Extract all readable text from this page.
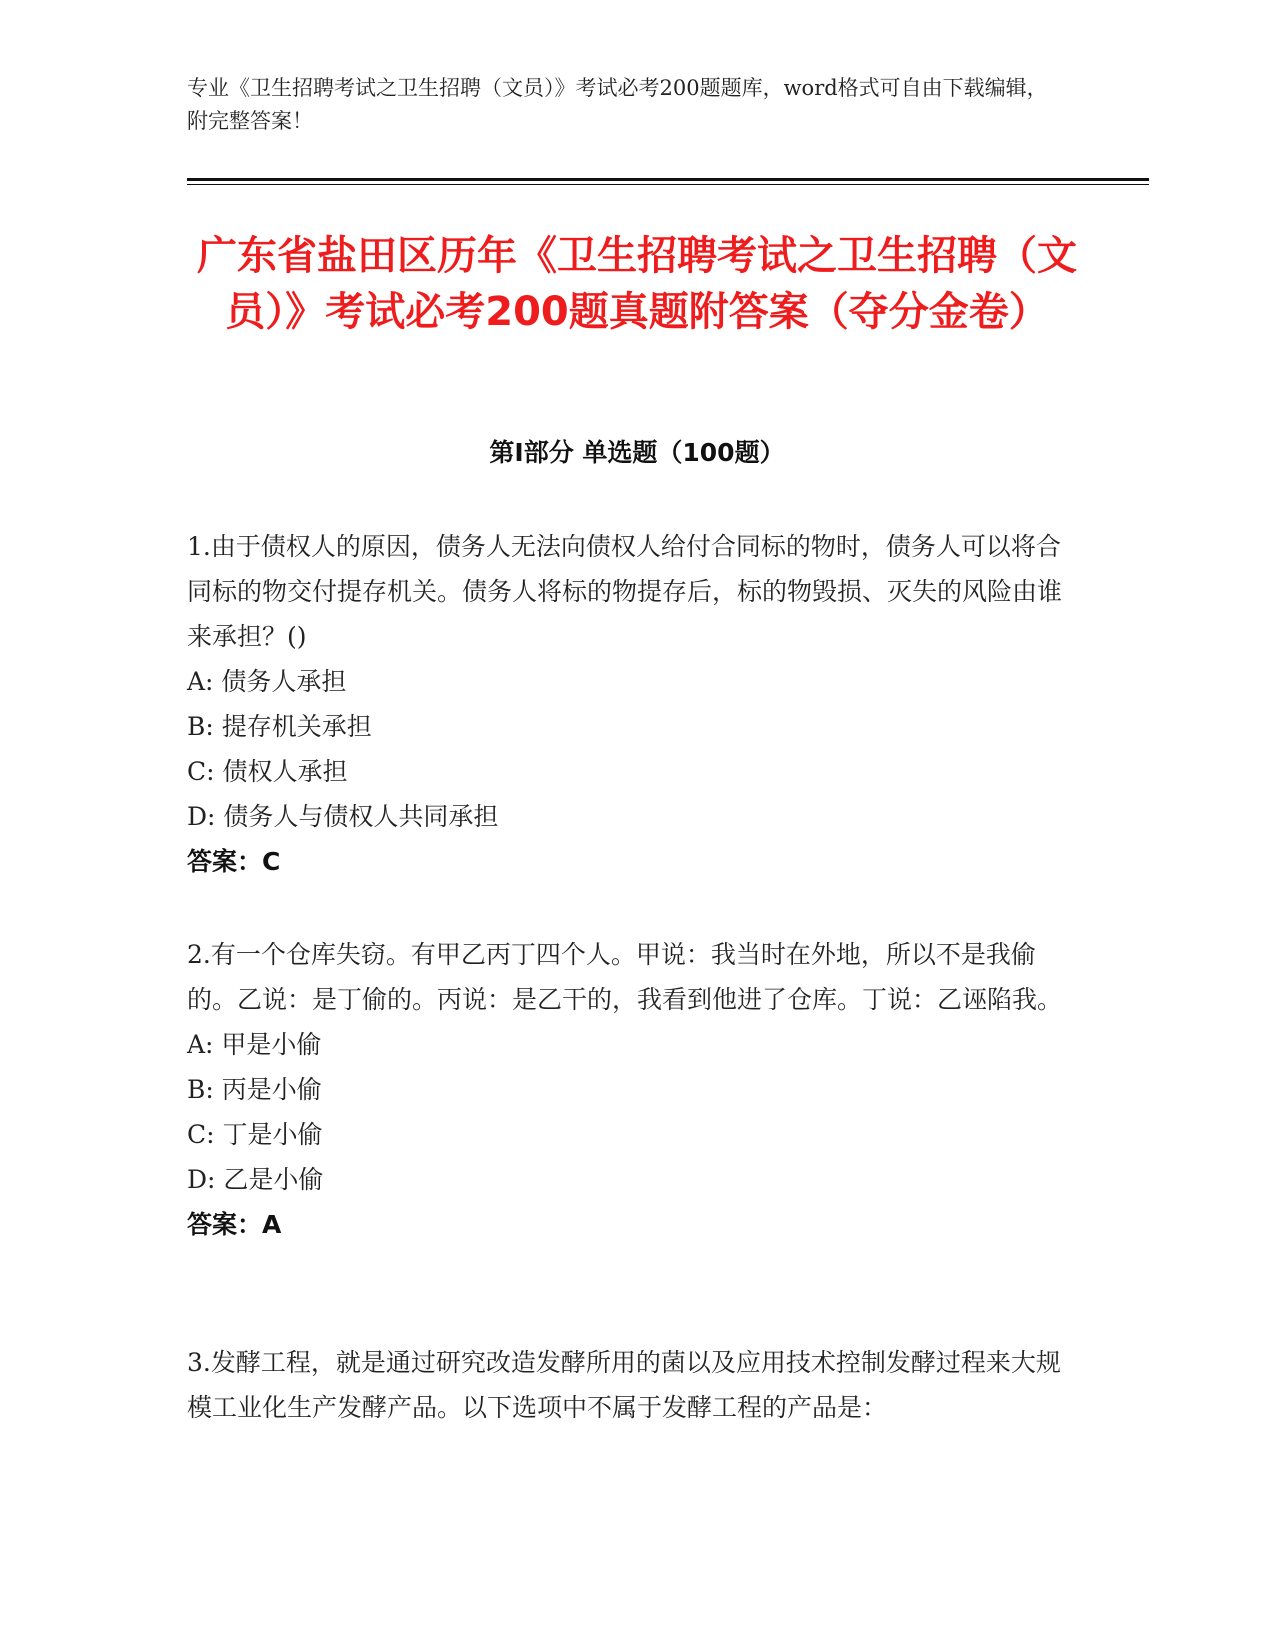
专业《卫生招聘考试之卫生招聘（文员）》考试必考200题题库，word格式可自由下载编辑，附完整答案！
广东省盐田区历年《卫生招聘考试之卫生招聘（文员）》考试必考200题真题附答案（夺分金卷）
第Ⅰ部分 单选题（100题）
1.由于债权人的原因，债务人无法向债权人给付合同标的物时，债务人可以将合同标的物交付提存机关。债务人将标的物提存后，标的物毁损、灭失的风险由谁来承担？()
A: 债务人承担
B: 提存机关承担
C: 债权人承担
D: 债务人与债权人共同承担
答案：C
2.有一个仓库失窃。有甲乙丙丁四个人。甲说：我当时在外地，所以不是我偷的。乙说：是丁偷的。丙说：是乙干的，我看到他进了仓库。丁说：乙诬陷我。
A: 甲是小偷
B: 丙是小偷
C: 丁是小偷
D: 乙是小偷
答案：A
3.发酵工程，就是通过研究改造发酵所用的菌以及应用技术控制发酵过程来大规模工业化生产发酵产品。以下选项中不属于发酵工程的产品是：
